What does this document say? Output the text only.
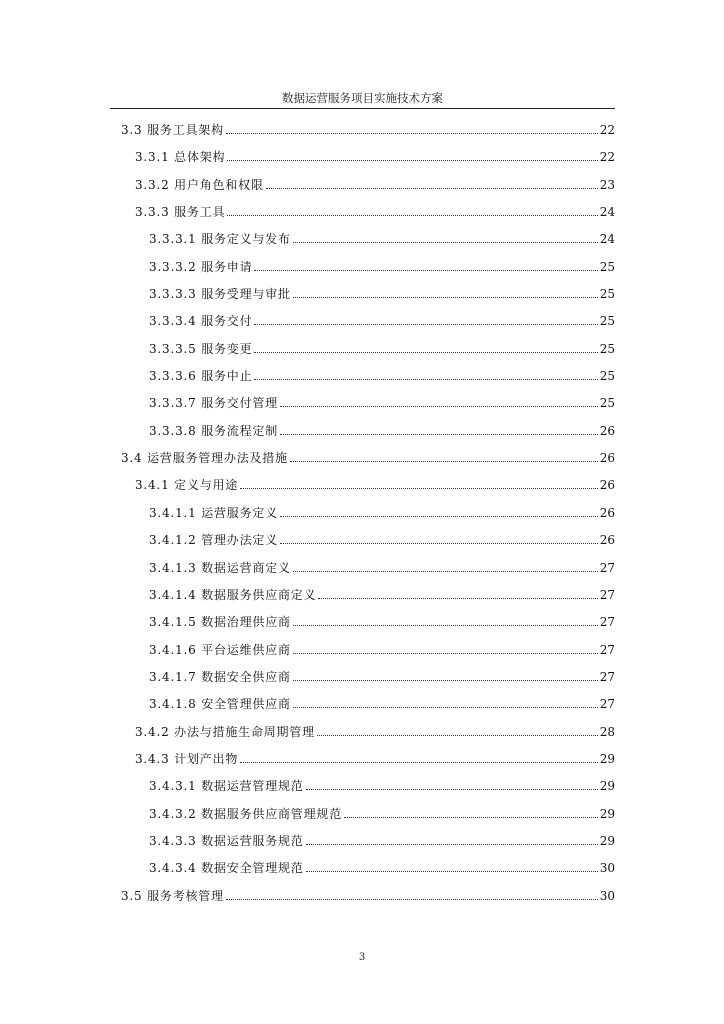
数据运营服务项目实施技术方案
3.3 服务工具架构	22
3.3.1 总体架构	22
3.3.2 用户角色和权限	23
3.3.3 服务工具	24
3.3.3.1 服务定义与发布	24
3.3.3.2 服务申请	25
3.3.3.3 服务受理与审批	25
3.3.3.4 服务交付	25
3.3.3.5 服务变更	25
3.3.3.6 服务中止	25
3.3.3.7 服务交付管理	25
3.3.3.8 服务流程定制	26
3.4 运营服务管理办法及措施	26
3.4.1 定义与用途	26
3.4.1.1 运营服务定义	26
3.4.1.2 管理办法定义	26
3.4.1.3 数据运营商定义	27
3.4.1.4 数据服务供应商定义	27
3.4.1.5 数据治理供应商	27
3.4.1.6 平台运维供应商	27
3.4.1.7 数据安全供应商	27
3.4.1.8 安全管理供应商	27
3.4.2 办法与措施生命周期管理	28
3.4.3 计划产出物	29
3.4.3.1 数据运营管理规范	29
3.4.3.2 数据服务供应商管理规范	29
3.4.3.3 数据运营服务规范	29
3.4.3.4 数据安全管理规范	30
3.5 服务考核管理	30
3
